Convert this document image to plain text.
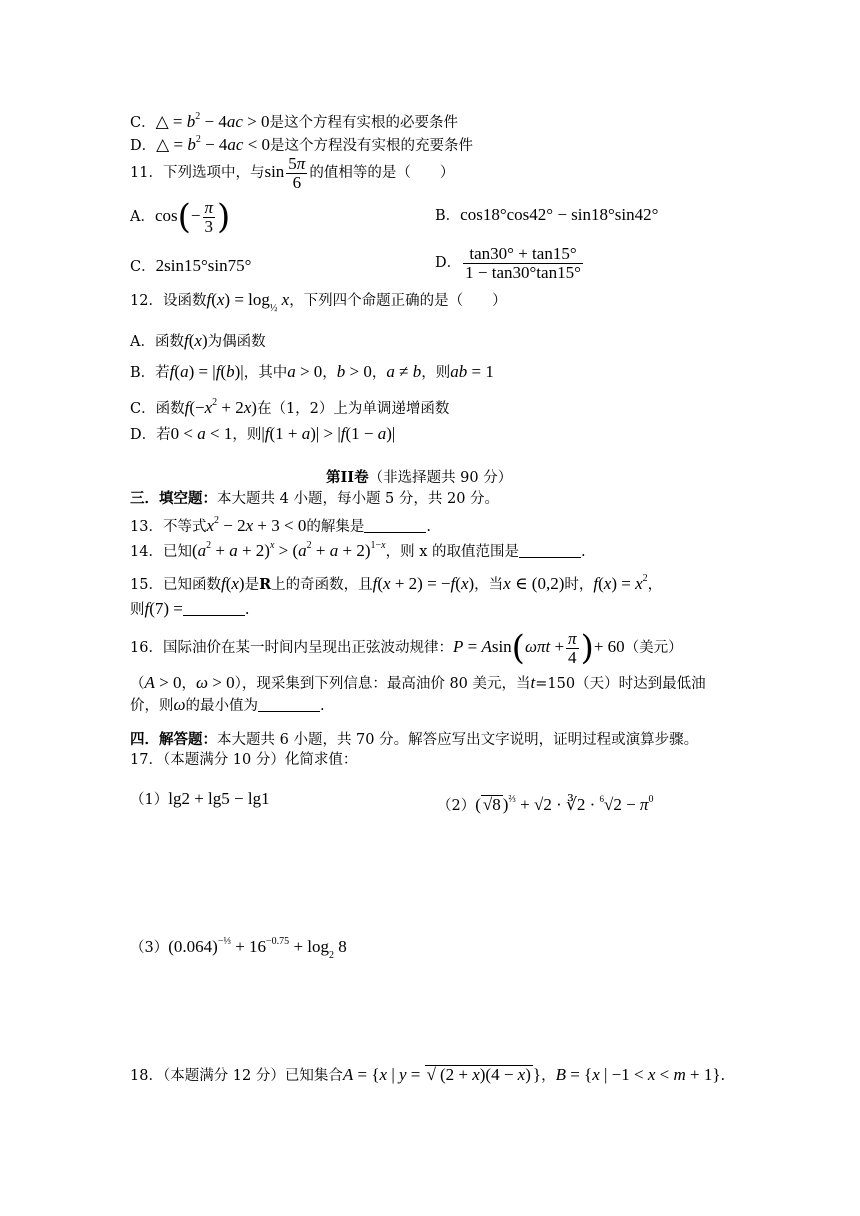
C．△ = $b^2 - 4ac > 0$是这个方程有实根的必要条件
D．△ = $b^2 - 4ac < 0$是这个方程没有实根的充要条件
11．下列选项中，与$\sin \frac{5\pi}{6}$ 的值相等的是（　　）
A．$\cos(- \frac{\pi}{3}$ )	B．cos18°cos42° − sin18°sin42°
C．2sin15°sin75°	D． $\frac{\tan 30^\circ + \tan 15^\circ}{1 - \tan 30^\circ\tan 15^\circ}$
12．设函数$f(x) = \log_{\frac{1}{2}} x$，下列四个命题正确的是（　　）
A．函数f(x)为偶函数
B．若f(a) = |f(b)|，其中a > 0，b > 0，a ≠ b，则ab = 1
C．函数$f(-x^2 + 2x)$在（1，2）上为单调递增函数
D．若0 < a < 1，则|f(1 + a)| > |f(1 − a)|
第II卷（非选择题共 90 分）
三．填空题：本大题共 4 小题，每小题 5 分，共 20 分。
13．不等式$x^2 - 2x + 3 < 0$的解集是	.
14．已知$(a^2 + a + 2)^x > (a^2 + a + 2)^{1-x}$，则 x 的取值范围是	.
15．已知函数f(x)是R上的奇函数，且f(x + 2) = −f(x)，当x ∈ (0,2)时，$f(x) = x^2$，
则f(7) =	.
16．国际油价在某一时间内呈现出正弦波动规律：$P = Asin(\omega\pi t + \frac{\pi}{4}$ )+ 60（美元）
（A > 0，ω > 0），现采集到下列信息：最高油价 80 美元，当t=150（天）时达到最低油
价，则ω的最小值为	.
四．解答题：本大题共 6 小题，共 70 分。解答应写出文字说明，证明过程或演算步骤。
17．（本题满分 10 分）化简求值：
（1）lg2 + lg5 − lg1	（2）( √8 )$^{\frac{2}{3}}$ + √2 · ∛2 · $^6√2 - \pi^0$
$(3)(0.064)^{-\frac{1}{3}} + 16^{-0.75} + \log_2 8$
18．（本题满分 12 分）已知集合A = {x | y = √ (2 + x)(4 − x) }，B = {x | −1 < x < m + 1}.
